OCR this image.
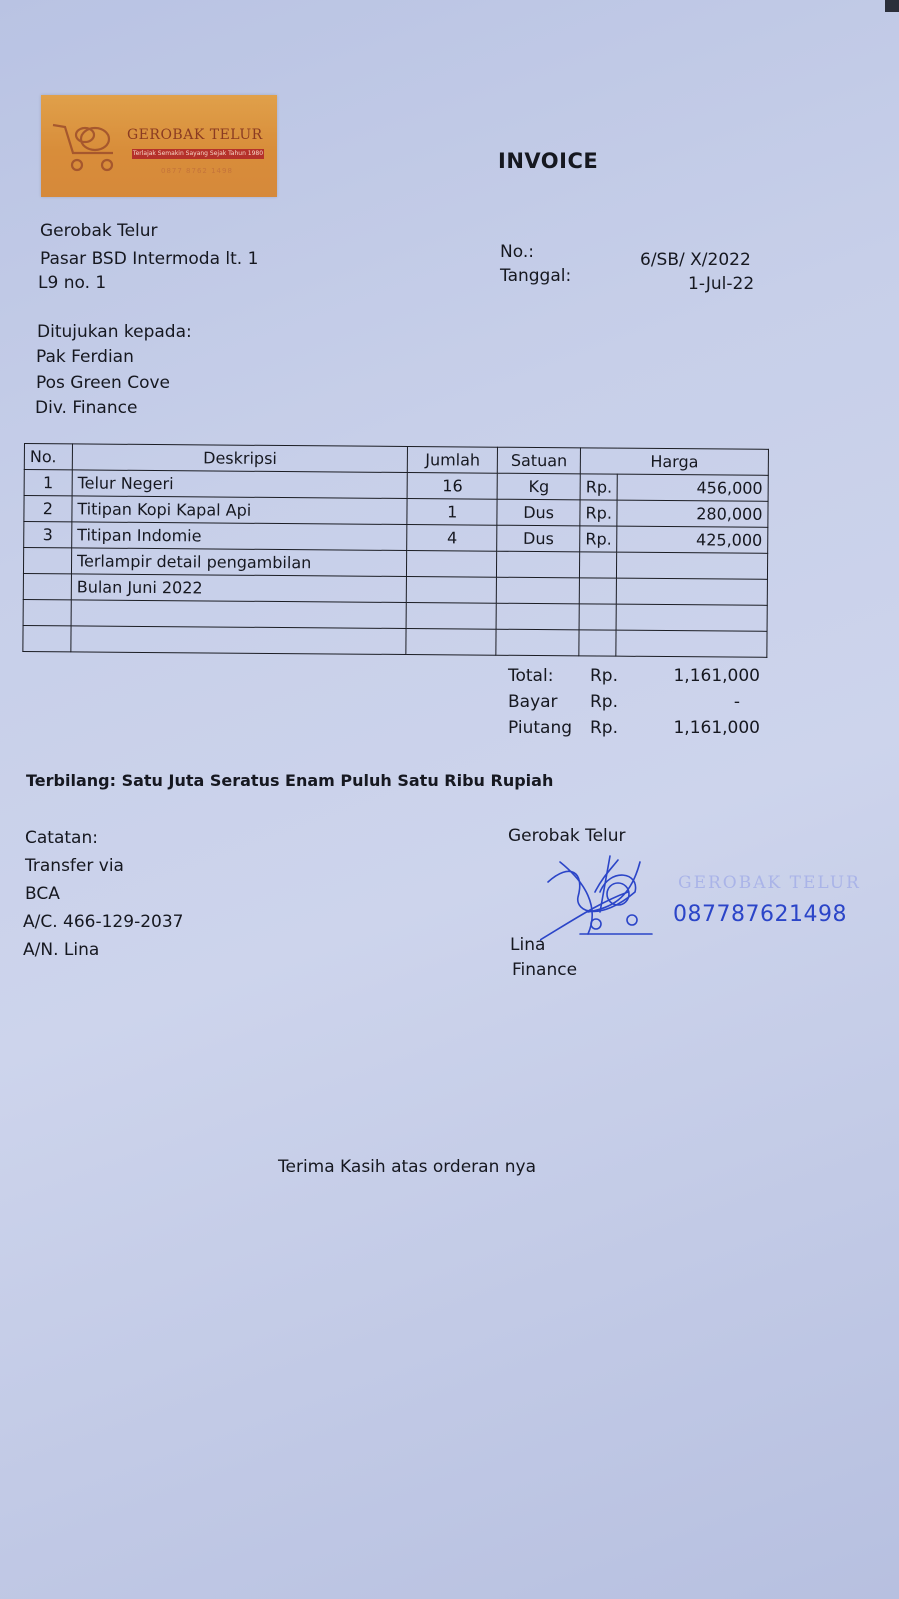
GEROBAK TELUR
Terlajak Semakin Sayang Sejak Tahun 1980
0877 8762 1498	INVOICE
Gerobak Telur
Pasar BSD Intermoda lt. 1
L9 no. 1
No.:	6/SB/ X/2022
Tanggal:	1-Jul-22
Ditujukan kepada:
Pak Ferdian
Pos Green Cove
Div. Finance
No.	Deskripsi	Jumlah	Satuan	Harga	
1	Telur Negeri	16	Kg	Rp.	456,000
2	Titipan Kopi Kapal Api	1	Dus	Rp.	280,000
3	Titipan Indomie	4	Dus	Rp.	425,000
	Terlampir detail pengambilan				
	Bulan Juni 2022				

Total: Rp.	1,161,000
Bayar Rp.	-
Piutang Rp.	1,161,000
Terbilang: Satu Juta Seratus Enam Puluh Satu Ribu Rupiah
Catatan:
Transfer via
BCA
A/C. 466-129-2037
A/N. Lina
Gerobak Telur
GEROBAK TELUR
087787621498
Lina
Finance
Terima Kasih atas orderan nya
